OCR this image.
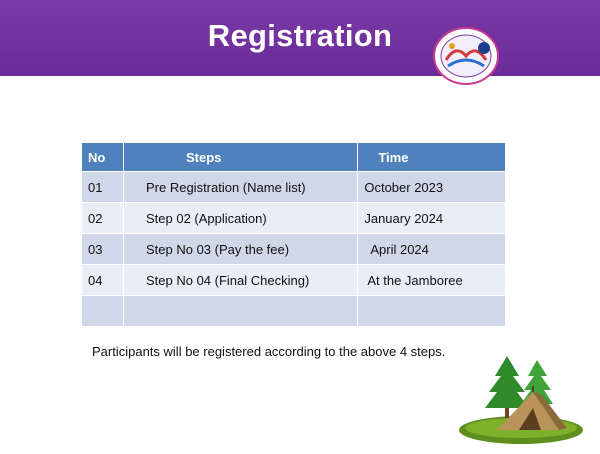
Registration
No	Steps	Time
01	Pre Registration (Name list)	October 2023
02	Step 02 (Application)	January 2024
03	Step No 03 (Pay the fee)	April 2024
04	Step No 04 (Final Checking)	At the Jamboree

Participants will be registered according to the above 4 steps.
